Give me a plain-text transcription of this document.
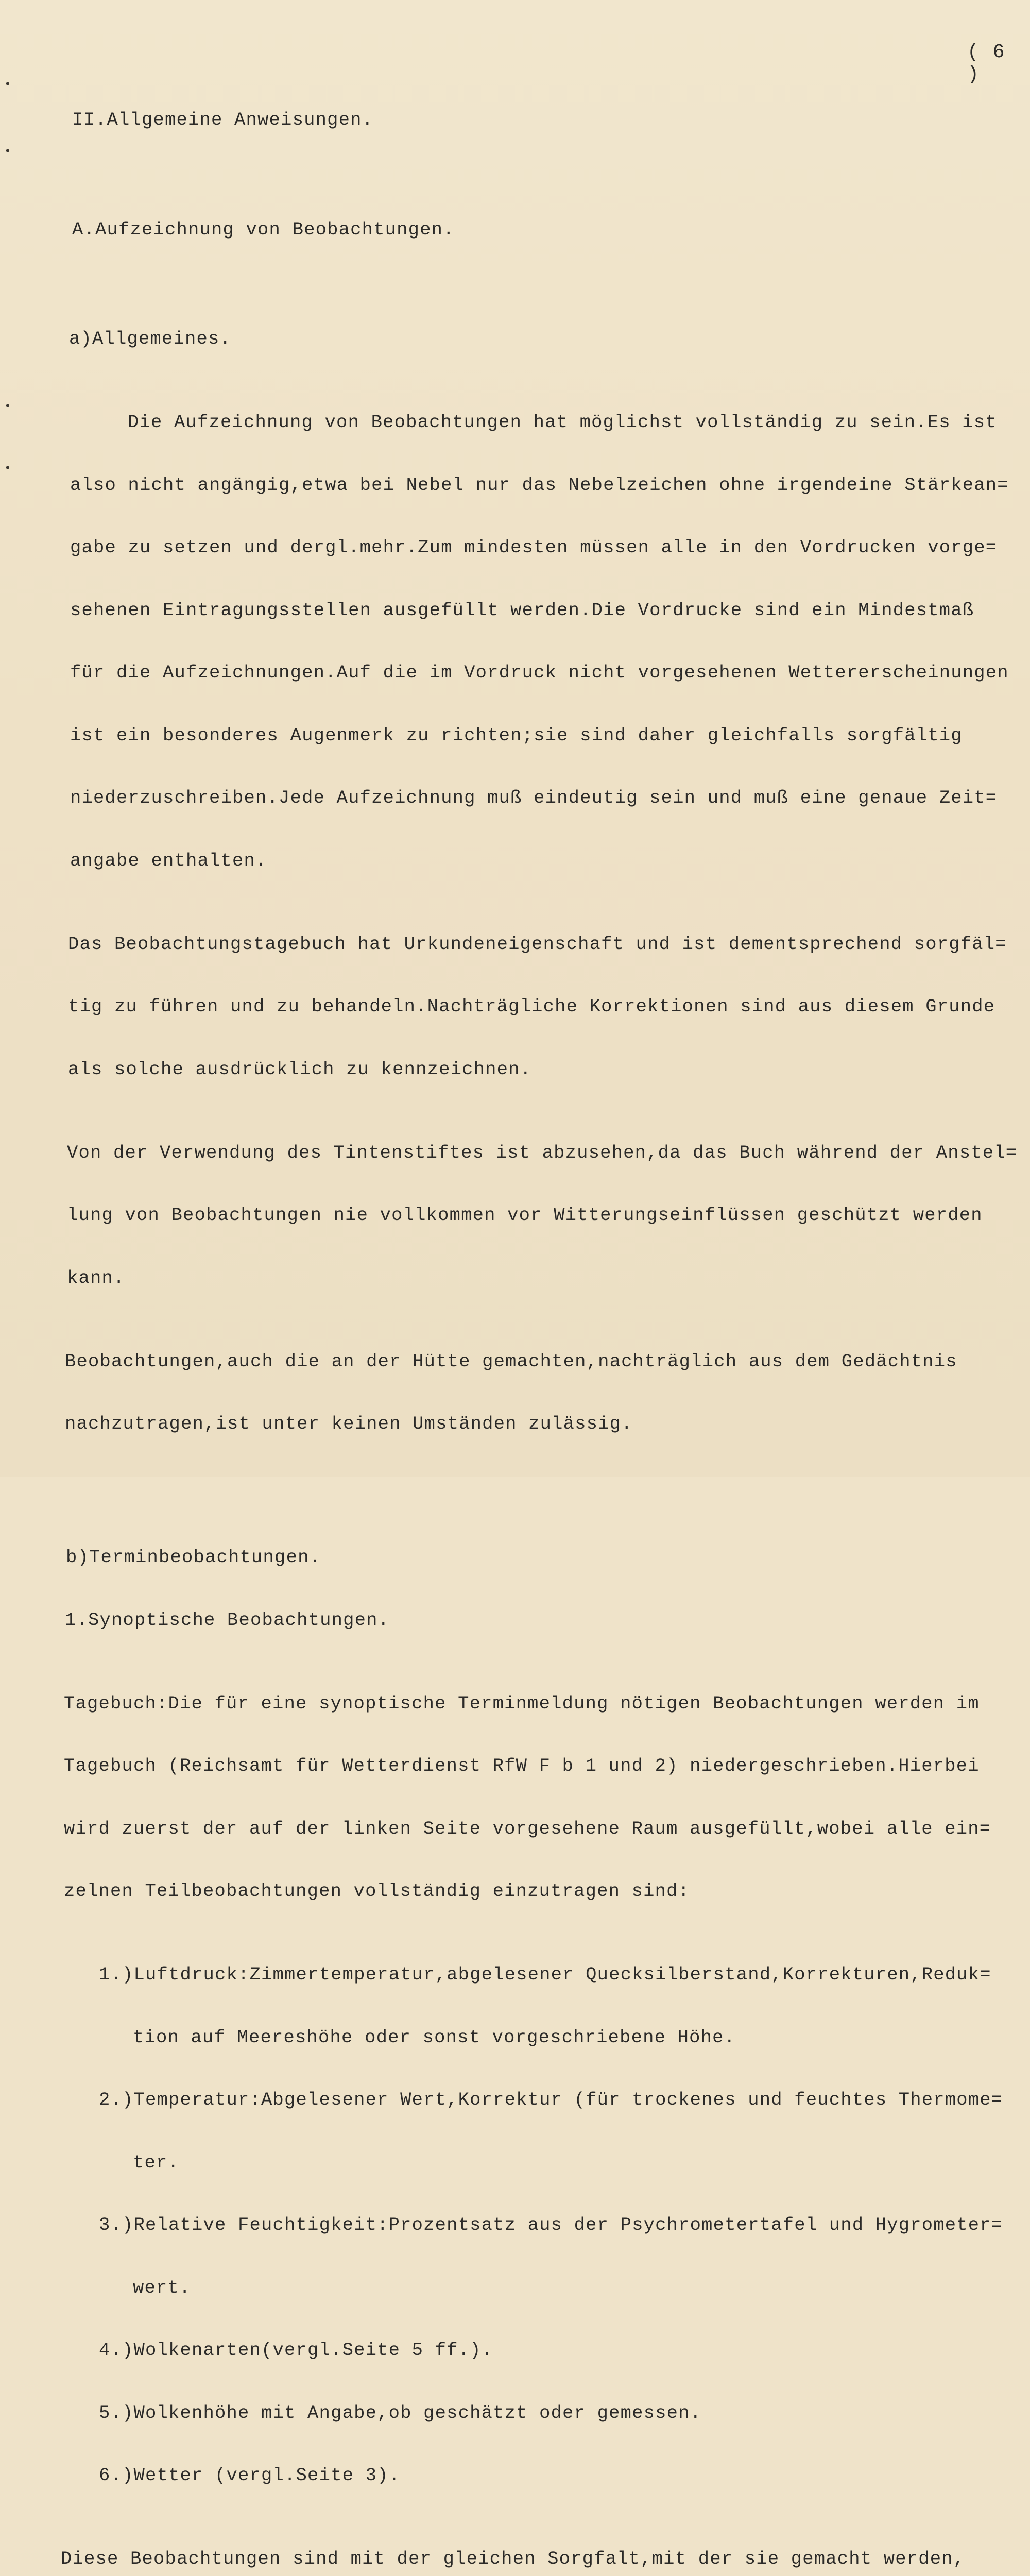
( 6 )

II.Allgemeine Anweisungen.

A.Aufzeichnung von Beobachtungen.

a)Allgemeines.

Die Aufzeichnung von Beobachtungen hat möglichst vollständig zu sein.Es ist

also nicht angängig,etwa bei Nebel nur das Nebelzeichen ohne irgendeine Stärkean=

gabe zu setzen und dergl.mehr.Zum mindesten müssen alle in den Vordrucken vorge=

sehenen Eintragungsstellen ausgefüllt werden.Die Vordrucke sind ein Mindestmaß

für die Aufzeichnungen.Auf die im Vordruck nicht vorgesehenen Wettererscheinungen

ist ein besonderes Augenmerk zu richten;sie sind daher gleichfalls sorgfältig

niederzuschreiben.Jede Aufzeichnung muß eindeutig sein und muß eine genaue Zeit=

angabe enthalten.

Das Beobachtungstagebuch hat Urkundeneigenschaft und ist dementsprechend sorgfäl=

tig zu führen und zu behandeln.Nachträgliche Korrektionen sind aus diesem Grunde

als solche ausdrücklich zu kennzeichnen.

Von der Verwendung des Tintenstiftes ist abzusehen,da das Buch während der Anstel=

lung von Beobachtungen nie vollkommen vor Witterungseinflüssen geschützt werden

kann.

Beobachtungen,auch die an der Hütte gemachten,nachträglich aus dem Gedächtnis

nachzutragen,ist unter keinen Umständen zulässig.

b)Terminbeobachtungen.

1.Synoptische Beobachtungen.

Tagebuch:Die für eine synoptische Terminmeldung nötigen Beobachtungen werden im

Tagebuch (Reichsamt für Wetterdienst RfW F b 1 und 2) niedergeschrieben.Hierbei

wird zuerst der auf der linken Seite vorgesehene Raum ausgefüllt,wobei alle ein=

zelnen Teilbeobachtungen vollständig einzutragen sind:

1.)Luftdruck:Zimmertemperatur,abgelesener Quecksilberstand,Korrekturen,Reduk=

tion auf Meereshöhe oder sonst vorgeschriebene Höhe.

2.)Temperatur:Abgelesener Wert,Korrektur (für trockenes und feuchtes Thermome=

ter.

3.)Relative Feuchtigkeit:Prozentsatz aus der Psychrometertafel und Hygrometer=

wert.

4.)Wolkenarten(vergl.Seite 5 ff.).

5.)Wolkenhöhe mit Angabe,ob geschätzt oder gemessen.

6.)Wetter (vergl.Seite 3).

Diese Beobachtungen sind mit der gleichen Sorgfalt,mit der sie gemacht werden,
